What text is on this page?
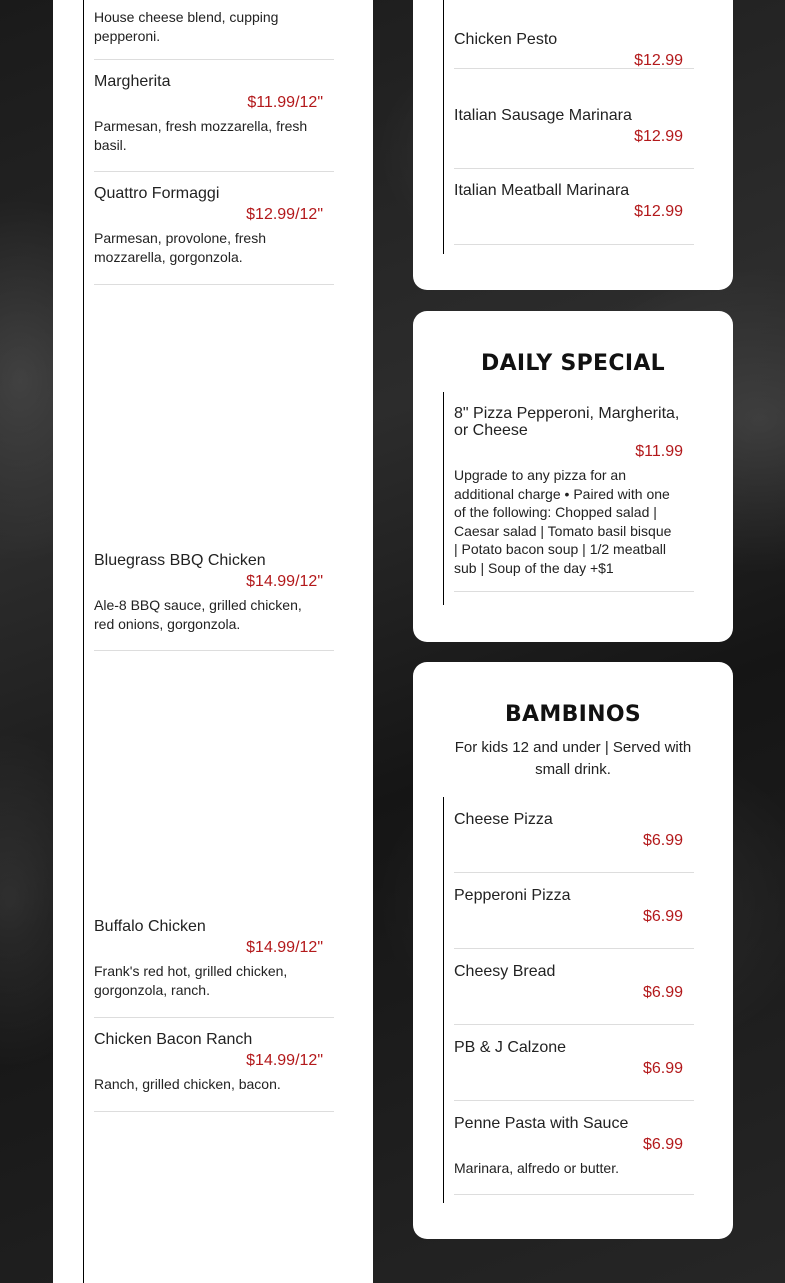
House cheese blend, cupping pepperoni.
Margherita
$11.99/12"
Parmesan, fresh mozzarella, fresh basil.
Quattro Formaggi
$12.99/12"
Parmesan, provolone, fresh mozzarella, gorgonzola.
Bluegrass BBQ Chicken
$14.99/12"
Ale-8 BBQ sauce, grilled chicken, red onions, gorgonzola.
Buffalo Chicken
$14.99/12"
Frank's red hot, grilled chicken, gorgonzola, ranch.
Chicken Bacon Ranch
$14.99/12"
Ranch, grilled chicken, bacon.
Chicken Pesto
$12.99
Italian Sausage Marinara
$12.99
Italian Meatball Marinara
$12.99
DAILY SPECIAL
8" Pizza Pepperoni, Margherita, or Cheese
$11.99
Upgrade to any pizza for an additional charge • Paired with one of the following: Chopped salad | Caesar salad | Tomato basil bisque | Potato bacon soup | 1/2 meatball sub | Soup of the day +$1
BAMBINOS
For kids 12 and under | Served with small drink.
Cheese Pizza
$6.99
Pepperoni Pizza
$6.99
Cheesy Bread
$6.99
PB & J Calzone
$6.99
Penne Pasta with Sauce
$6.99
Marinara, alfredo or butter.
